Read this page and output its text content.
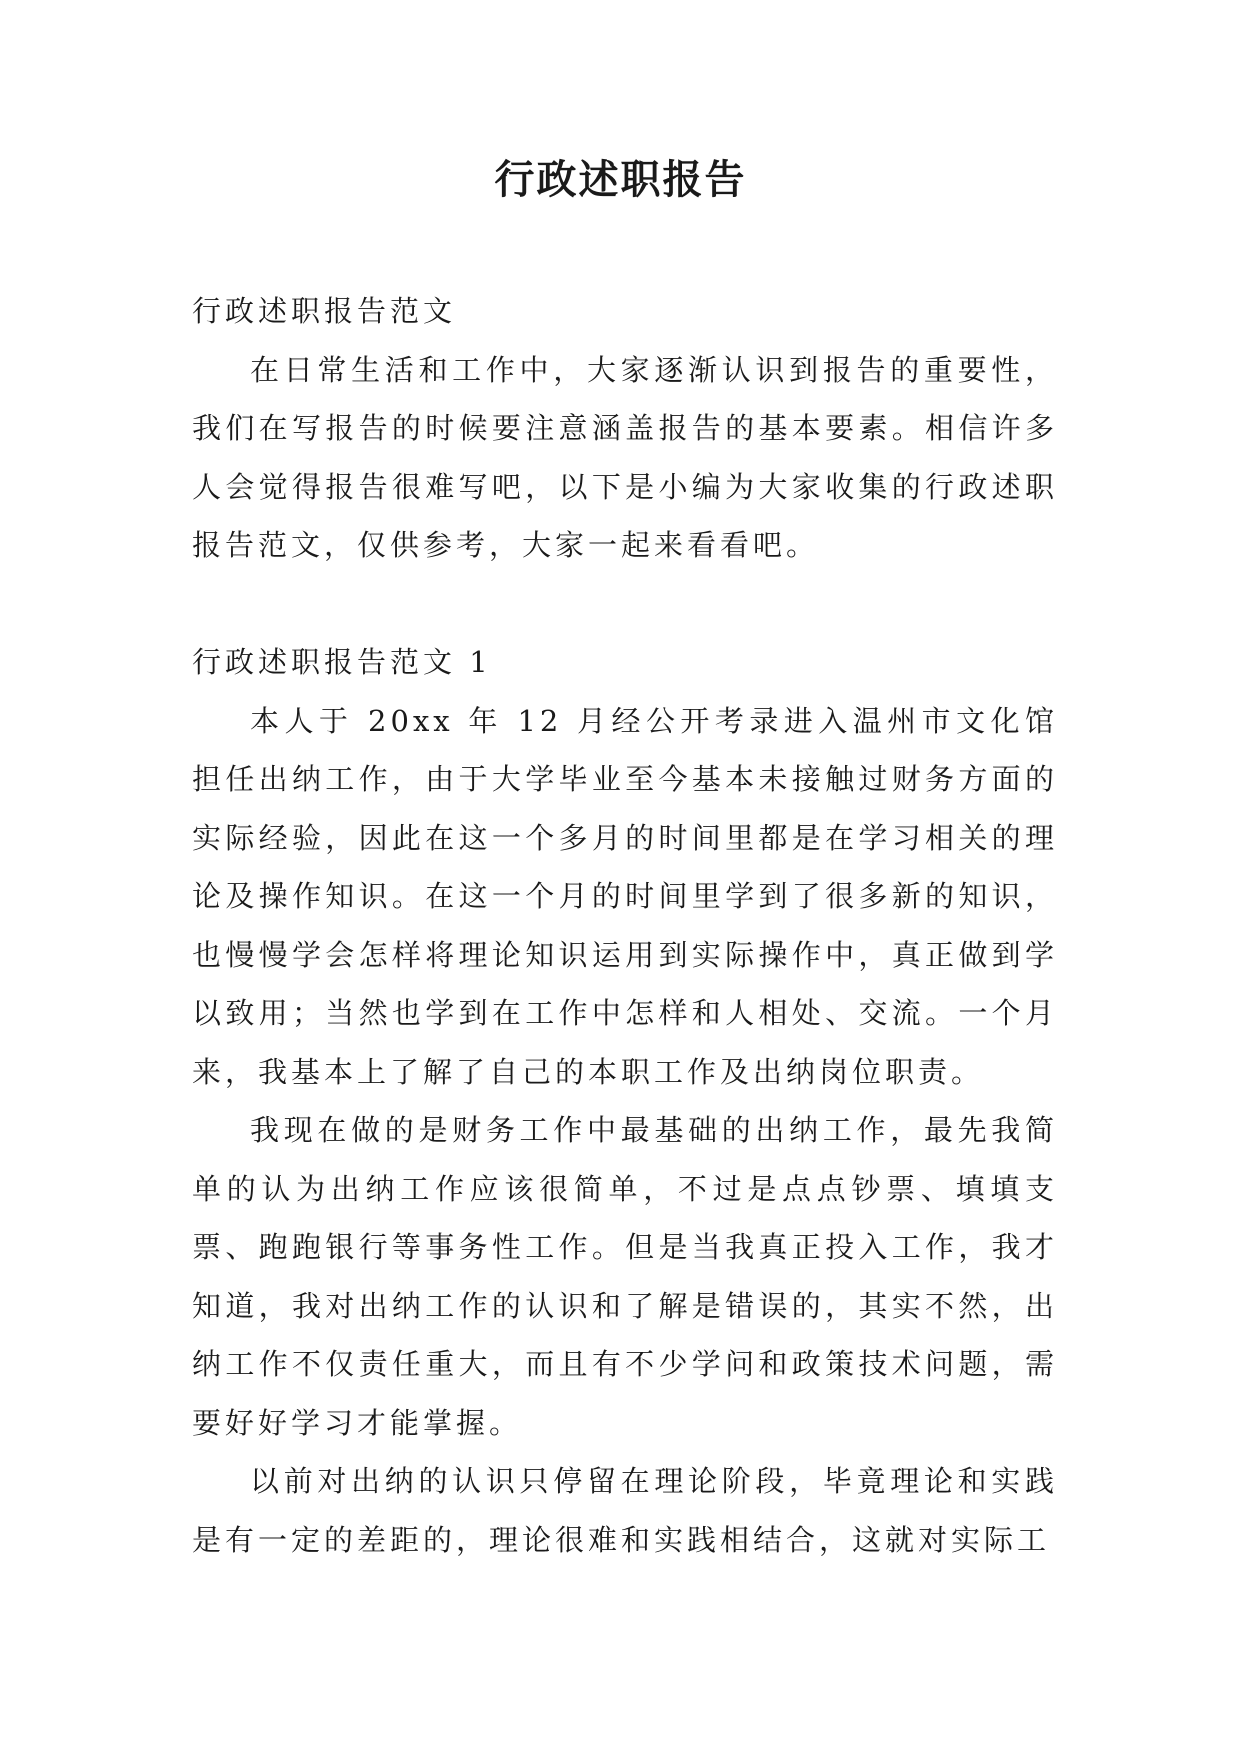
行政述职报告

行政述职报告范文

在日常生活和工作中，大家逐渐认识到报告的重要性，我们在写报告的时候要注意涵盖报告的基本要素。相信许多人会觉得报告很难写吧，以下是小编为大家收集的行政述职报告范文，仅供参考，大家一起来看看吧。

行政述职报告范文 1

本人于 20xx 年 12 月经公开考录进入温州市文化馆担任出纳工作，由于大学毕业至今基本未接触过财务方面的实际经验，因此在这一个多月的时间里都是在学习相关的理论及操作知识。在这一个月的时间里学到了很多新的知识，也慢慢学会怎样将理论知识运用到实际操作中，真正做到学以致用；当然也学到在工作中怎样和人相处、交流。一个月来，我基本上了解了自己的本职工作及出纳岗位职责。

我现在做的是财务工作中最基础的出纳工作，最先我简单的认为出纳工作应该很简单，不过是点点钞票、填填支票、跑跑银行等事务性工作。但是当我真正投入工作，我才知道，我对出纳工作的认识和了解是错误的，其实不然，出纳工作不仅责任重大，而且有不少学问和政策技术问题，需要好好学习才能掌握。

以前对出纳的认识只停留在理论阶段，毕竟理论和实践是有一定的差距的，理论很难和实践相结合，这就对实际工
